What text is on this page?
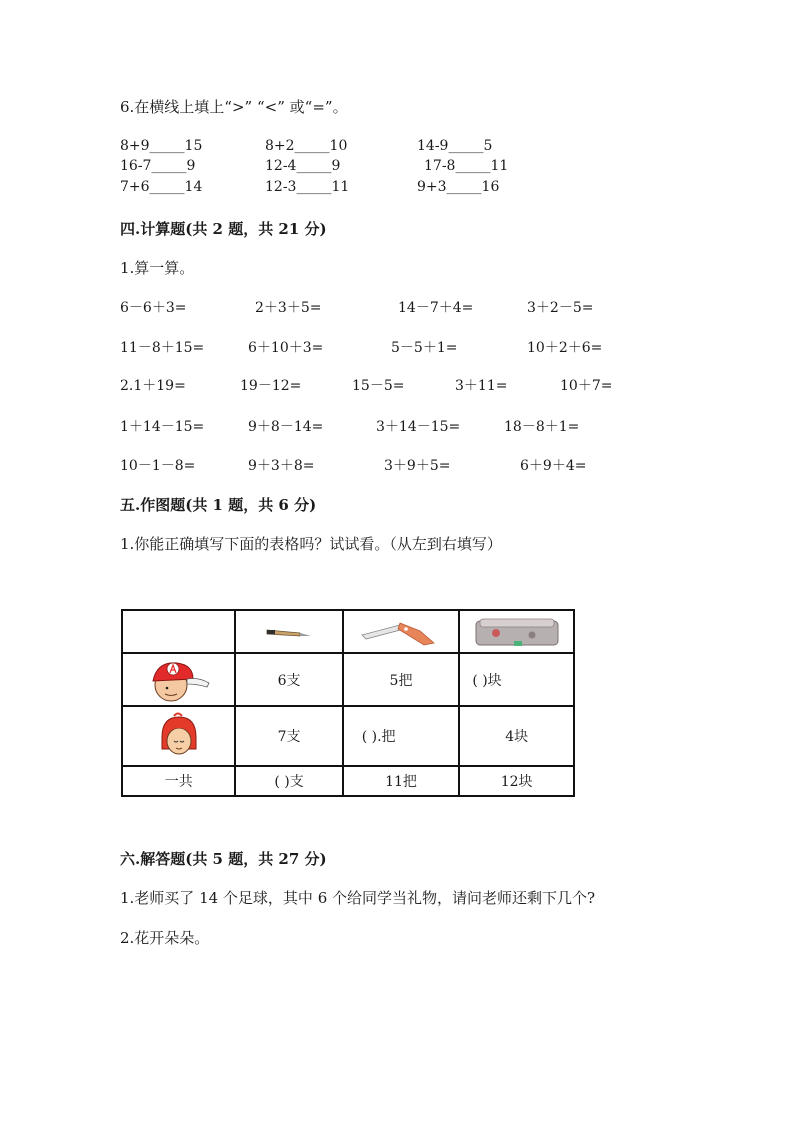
6.在横线上填上“>” “<” 或“=”。
8+9_____15	8+2_____10	14-9_____5
16-7_____9	12-4_____9	17-8_____11
7+6_____14	12-3_____11	9+3_____16
四.计算题(共 2 题，共 21 分)
1.算一算。
6－6＋3=	2＋3＋5=	14－7＋4=	3＋2－5=
11－8＋15=	6＋10＋3=	5－5＋1=	10＋2＋6=
2.1＋19=	19－12=	15－5=	3＋11=	10＋7=
1＋14－15=	9＋8－14=	3＋14－15=	18－8＋1=
10－1－8=	9＋3＋8=	3＋9＋5=	6＋9＋4=
五.作图题(共 1 题，共 6 分)
1.你能正确填写下面的表格吗？试试看。（从左到右填写）

	6支	5把	( )块

	7支	( ).把	4块
一共	( )支	11把	12块
六.解答题(共 5 题，共 27 分)
1.老师买了 14 个足球，其中 6 个给同学当礼物，请问老师还剩下几个?
2.花开朵朵。
